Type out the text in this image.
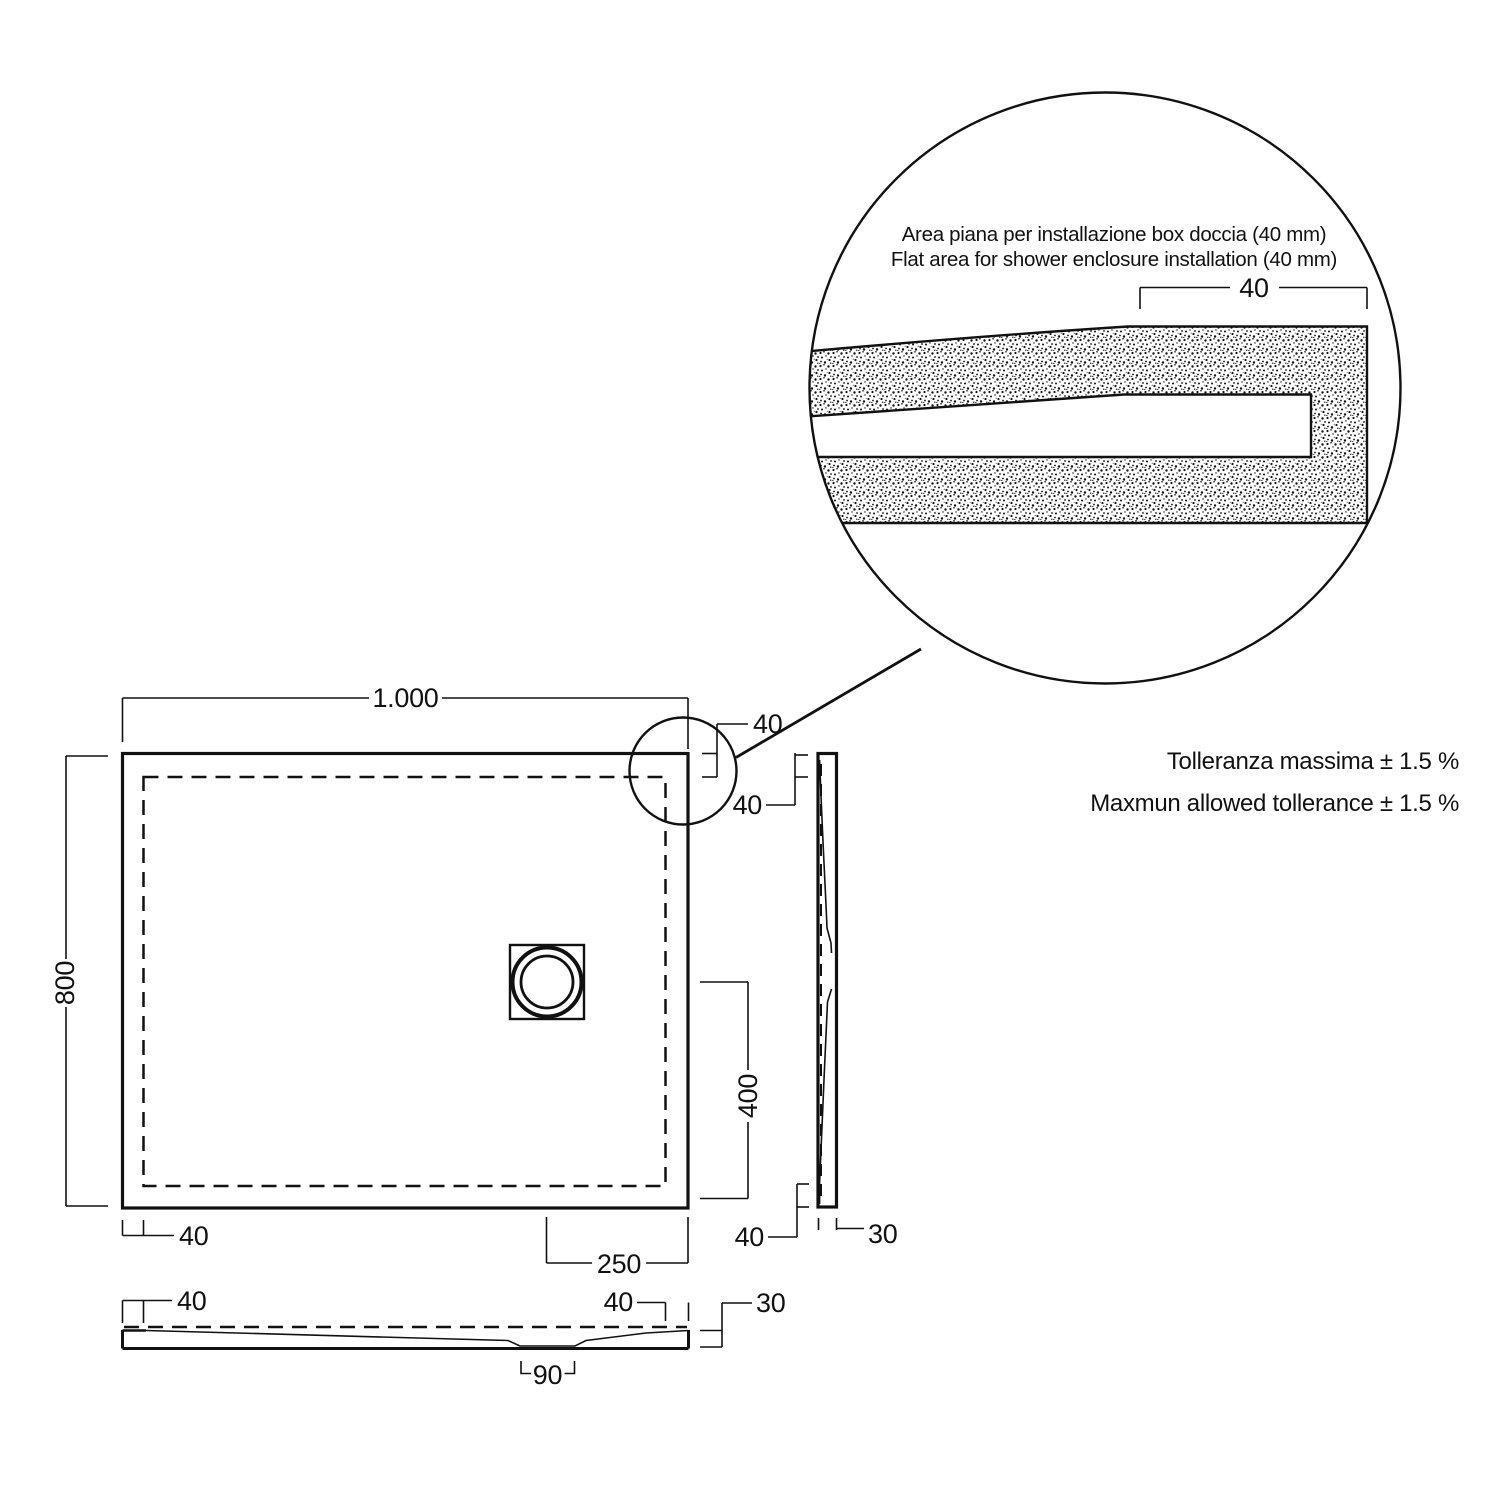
Area piana per installazione box doccia (40 mm)
Flat area for shower enclosure installation (40 mm)
40
Tolleranza massima ± 1.5 %
Maxmun allowed tollerance ± 1.5 %
1.000
800
40
400
40
250
40
40	30
40	40	30
90
